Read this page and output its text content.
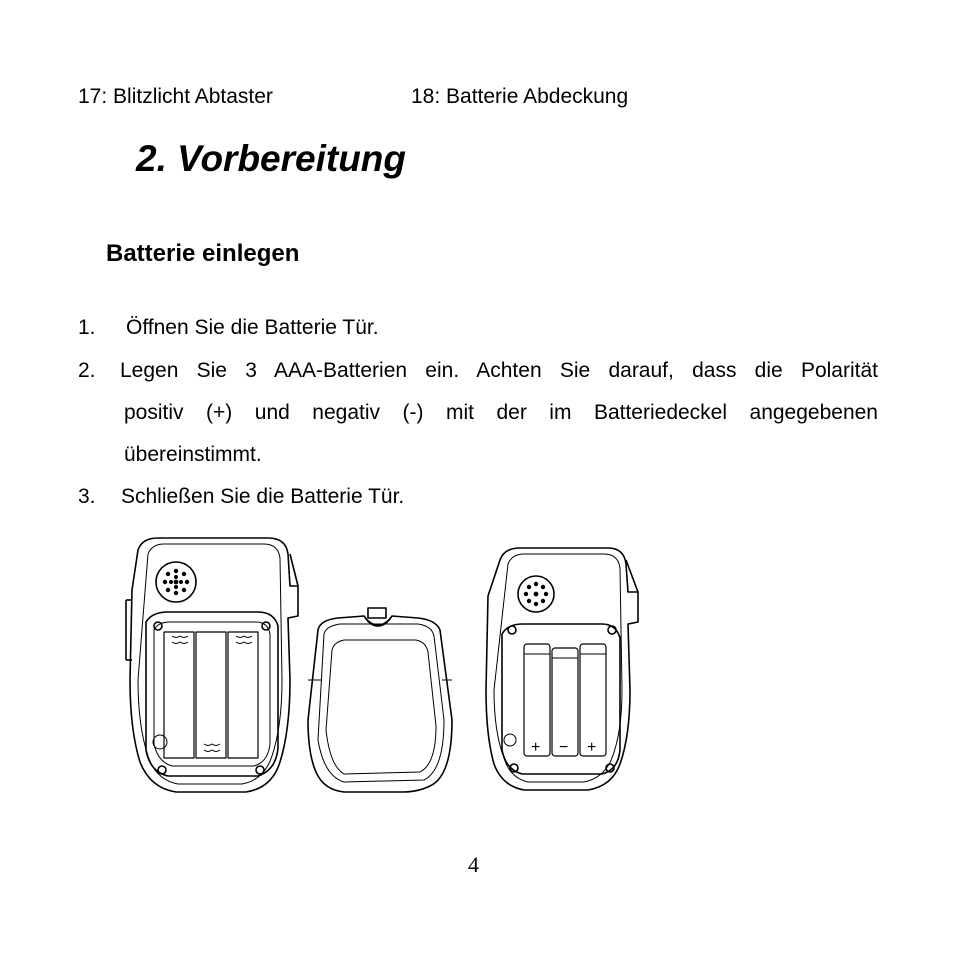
17: Blitzlicht Abtaster	18: Batterie Abdeckung
2. Vorbereitung
Batterie einlegen
1. Öffnen Sie die Batterie Tür.
2. Legen Sie 3 AAA-Batterien ein. Achten Sie darauf, dass die Polarität
positiv (+) und negativ (-) mit der im Batteriedeckel angegebenen
übereinstimmt.
3. Schließen Sie die Batterie Tür.
+ − +
4
